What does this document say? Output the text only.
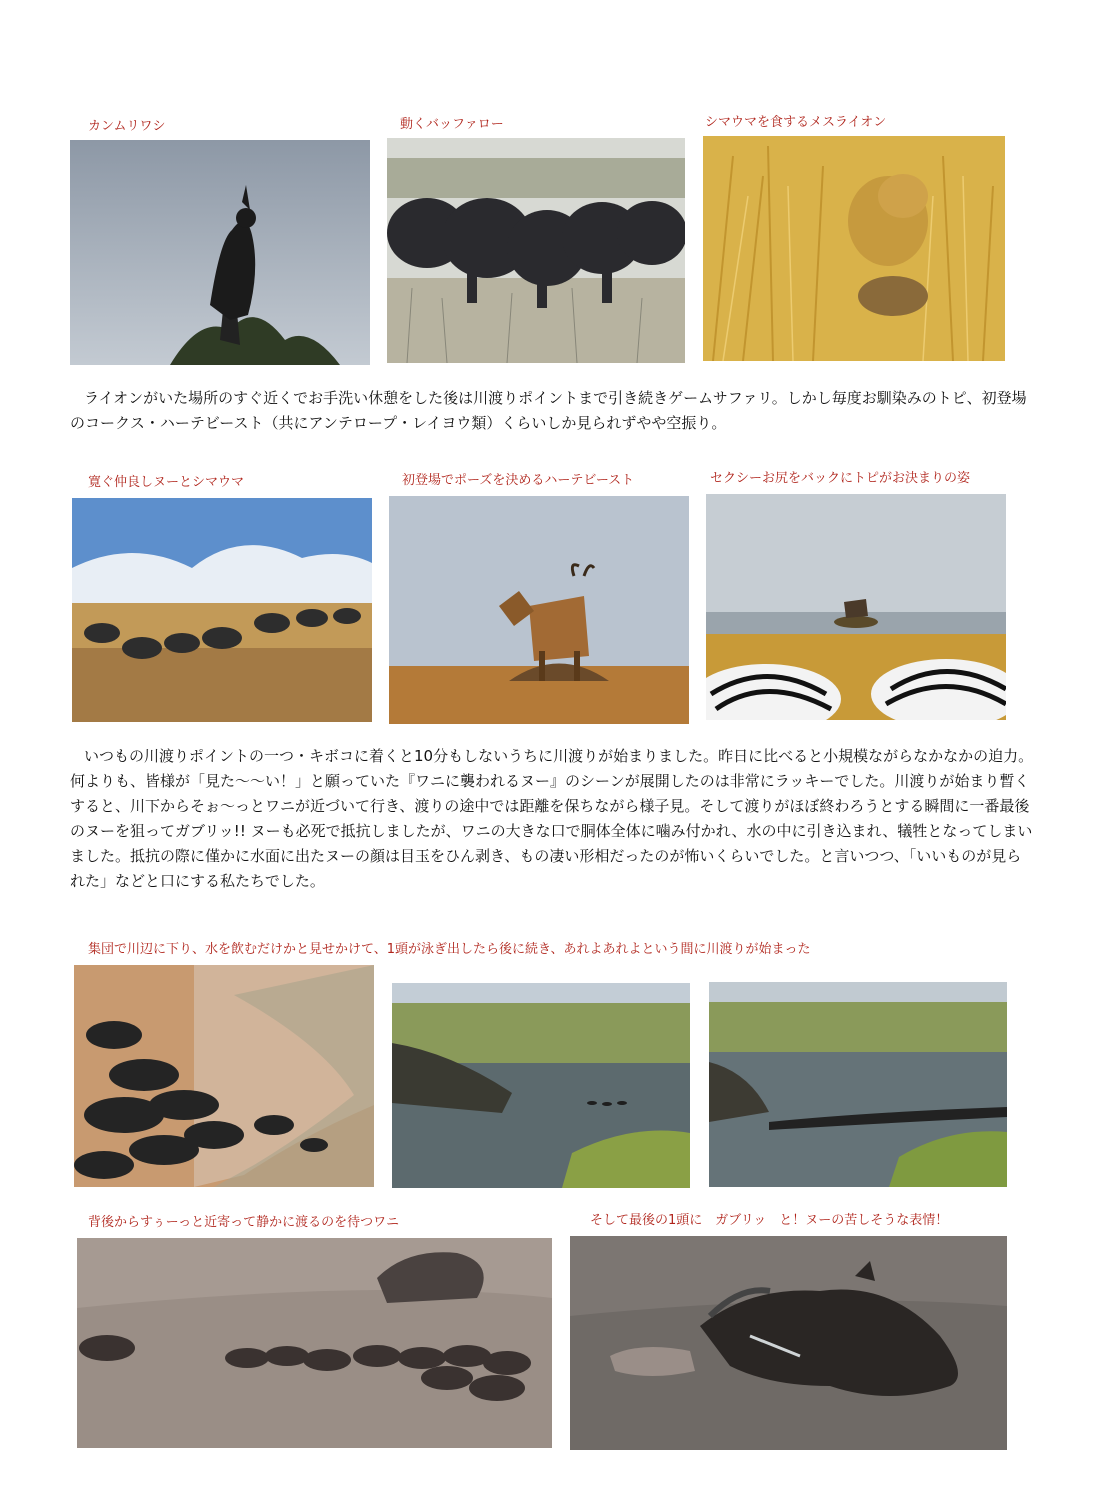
カンムリワシ	動くバッファロー	シマウマを食するメスライオン
ライオンがいた場所のすぐ近くでお手洗い休憩をした後は川渡りポイントまで引き続きゲームサファリ。しかし毎度お馴染みのトピ、初登場のコークス・ハーテビースト（共にアンテロープ・レイヨウ類）くらいしか見られずやや空振り。
寛ぐ仲良しヌーとシマウマ	初登場でポーズを決めるハーテビースト	セクシーお尻をバックにトピがお決まりの姿
いつもの川渡りポイントの一つ・キボコに着くと10分もしないうちに川渡りが始まりました。昨日に比べると小規模ながらなかなかの迫力。何よりも、皆様が「見た～～い！」と願っていた『ワニに襲われるヌー』のシーンが展開したのは非常にラッキーでした。川渡りが始まり暫くすると、川下からそぉ～っとワニが近づいて行き、渡りの途中では距離を保ちながら様子見。そして渡りがほぼ終わろうとする瞬間に一番最後のヌーを狙ってガブリッ!! ヌーも必死で抵抗しましたが、ワニの大きな口で胴体全体に噛み付かれ、水の中に引き込まれ、犠牲となってしまいました。抵抗の際に僅かに水面に出たヌーの顔は目玉をひん剥き、もの凄い形相だったのが怖いくらいでした。と言いつつ、「いいものが見られた」などと口にする私たちでした。
集団で川辺に下り、水を飲むだけかと見せかけて、1頭が泳ぎ出したら後に続き、あれよあれよという間に川渡りが始まった
背後からすぅーっと近寄って静かに渡るのを待つワニ	そして最後の1頭に　ガブリッ　と！ヌーの苦しそうな表情！
